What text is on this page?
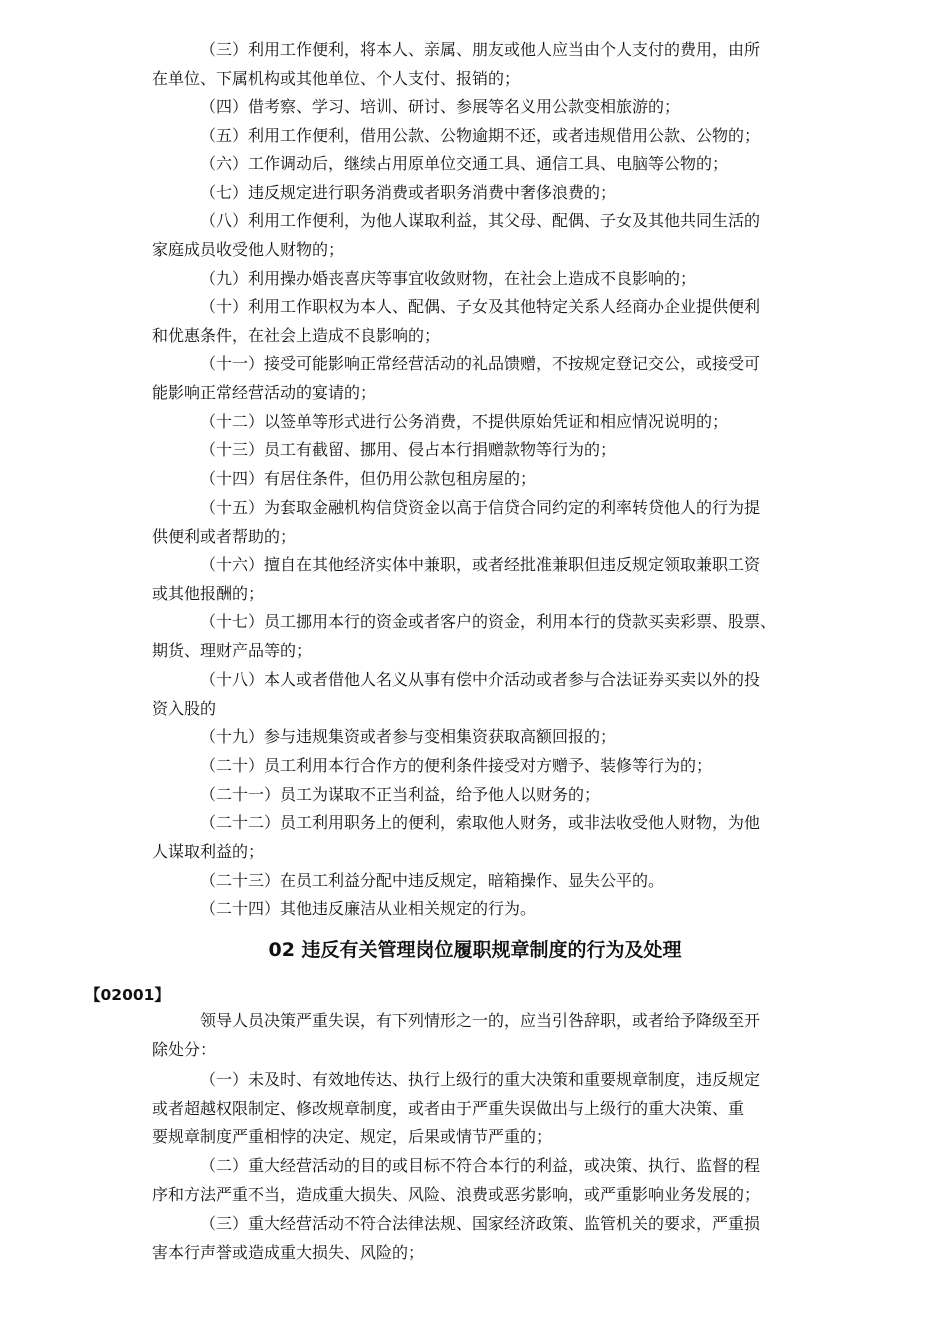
（三）利用工作便利，将本人、亲属、朋友或他人应当由个人支付的费用，由所
在单位、下属机构或其他单位、个人支付、报销的；
（四）借考察、学习、培训、研讨、参展等名义用公款变相旅游的；
（五）利用工作便利，借用公款、公物逾期不还，或者违规借用公款、公物的；
（六）工作调动后，继续占用原单位交通工具、通信工具、电脑等公物的；
（七）违反规定进行职务消费或者职务消费中奢侈浪费的；
（八）利用工作便利，为他人谋取利益，其父母、配偶、子女及其他共同生活的
家庭成员收受他人财物的；
（九）利用操办婚丧喜庆等事宜收敛财物，在社会上造成不良影响的；
（十）利用工作职权为本人、配偶、子女及其他特定关系人经商办企业提供便利
和优惠条件，在社会上造成不良影响的；
（十一）接受可能影响正常经营活动的礼品馈赠，不按规定登记交公，或接受可
能影响正常经营活动的宴请的；
（十二）以签单等形式进行公务消费，不提供原始凭证和相应情况说明的；
（十三）员工有截留、挪用、侵占本行捐赠款物等行为的；
（十四）有居住条件，但仍用公款包租房屋的；
（十五）为套取金融机构信贷资金以高于信贷合同约定的利率转贷他人的行为提
供便利或者帮助的；
（十六）擅自在其他经济实体中兼职，或者经批准兼职但违反规定领取兼职工资
或其他报酬的；
（十七）员工挪用本行的资金或者客户的资金，利用本行的贷款买卖彩票、股票、
期货、理财产品等的；
（十八）本人或者借他人名义从事有偿中介活动或者参与合法证券买卖以外的投
资入股的
（十九）参与违规集资或者参与变相集资获取高额回报的；
（二十）员工利用本行合作方的便利条件接受对方赠予、装修等行为的；
（二十一）员工为谋取不正当利益，给予他人以财务的；
（二十二）员工利用职务上的便利，索取他人财务，或非法收受他人财物，为他
人谋取利益的；
（二十三）在员工利益分配中违反规定，暗箱操作、显失公平的。
（二十四）其他违反廉洁从业相关规定的行为。
02 违反有关管理岗位履职规章制度的行为及处理
【02001】
领导人员决策严重失误，有下列情形之一的，应当引咎辞职，或者给予降级至开
除处分：
（一）未及时、有效地传达、执行上级行的重大决策和重要规章制度，违反规定
或者超越权限制定、修改规章制度，或者由于严重失误做出与上级行的重大决策、重
要规章制度严重相悖的决定、规定，后果或情节严重的；
（二）重大经营活动的目的或目标不符合本行的利益，或决策、执行、监督的程
序和方法严重不当，造成重大损失、风险、浪费或恶劣影响，或严重影响业务发展的；
（三）重大经营活动不符合法律法规、国家经济政策、监管机关的要求，严重损
害本行声誉或造成重大损失、风险的；
